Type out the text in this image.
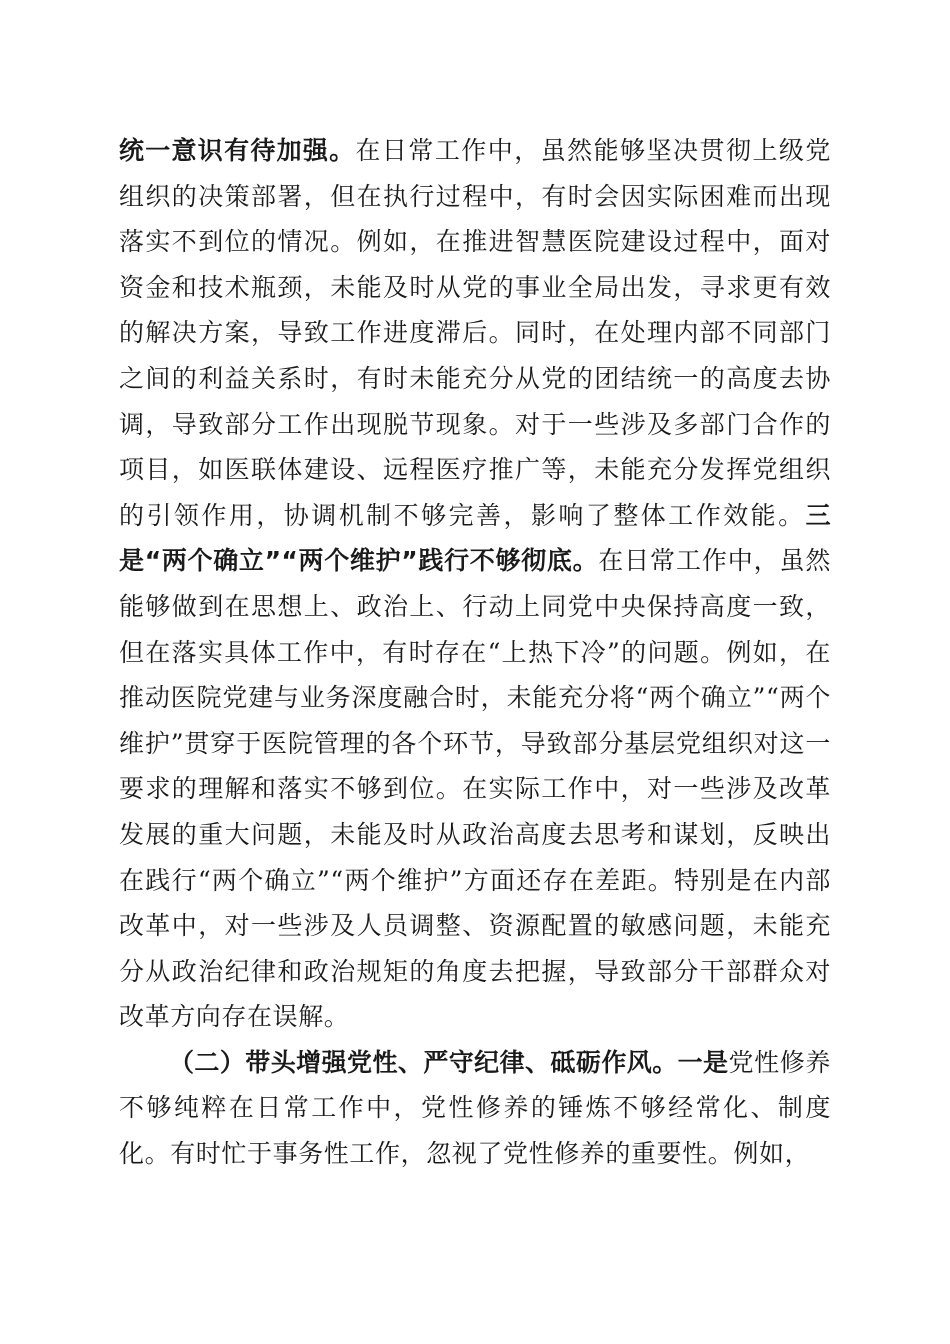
统一意识有待加强。在日常工作中，虽然能够坚决贯彻上级党组织的决策部署，但在执行过程中，有时会因实际困难而出现落实不到位的情况。例如，在推进智慧医院建设过程中，面对资金和技术瓶颈，未能及时从党的事业全局出发，寻求更有效的解决方案，导致工作进度滞后。同时，在处理内部不同部门之间的利益关系时，有时未能充分从党的团结统一的高度去协调，导致部分工作出现脱节现象。对于一些涉及多部门合作的项目，如医联体建设、远程医疗推广等，未能充分发挥党组织的引领作用，协调机制不够完善，影响了整体工作效能。三是“两个确立”“两个维护”践行不够彻底。在日常工作中，虽然能够做到在思想上、政治上、行动上同党中央保持高度一致，但在落实具体工作中，有时存在“上热下冷”的问题。例如，在推动医院党建与业务深度融合时，未能充分将“两个确立”“两个维护”贯穿于医院管理的各个环节，导致部分基层党组织对这一要求的理解和落实不够到位。在实际工作中，对一些涉及改革发展的重大问题，未能及时从政治高度去思考和谋划，反映出在践行“两个确立”“两个维护”方面还存在差距。特别是在内部改革中，对一些涉及人员调整、资源配置的敏感问题，未能充分从政治纪律和政治规矩的角度去把握，导致部分干部群众对改革方向存在误解。

（二）带头增强党性、严守纪律、砥砺作风。一是党性修养不够纯粹在日常工作中，党性修养的锤炼不够经常化、制度化。有时忙于事务性工作，忽视了党性修养的重要性。例如，
